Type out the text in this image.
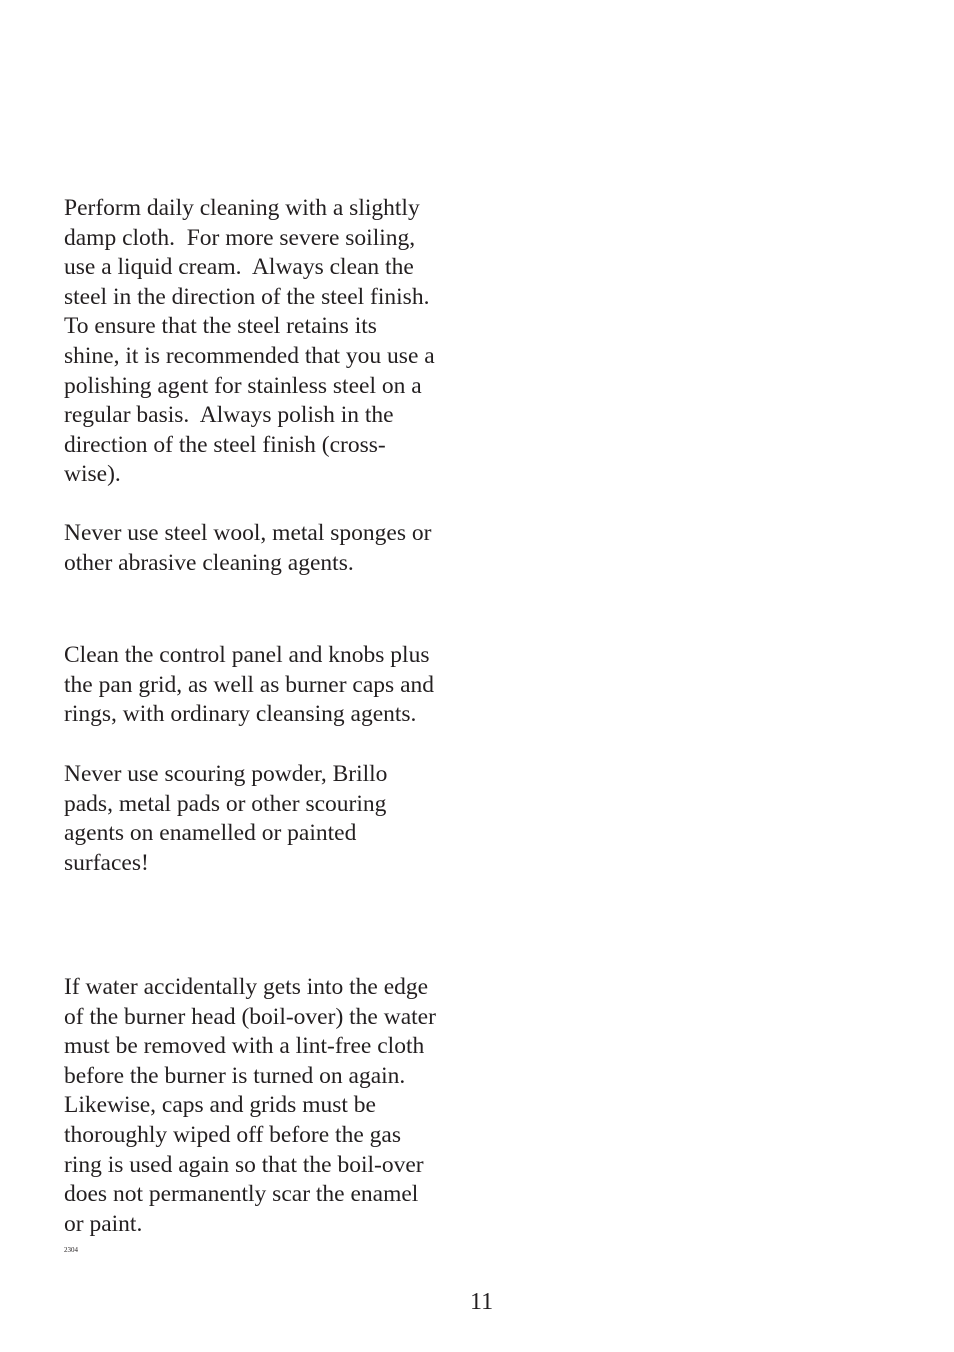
Perform daily cleaning with a slightly
damp cloth.  For more severe soiling,
use a liquid cream.  Always clean the
steel in the direction of the steel finish.
To ensure that the steel retains its
shine, it is recommended that you use a
polishing agent for stainless steel on a
regular basis.  Always polish in the
direction of the steel finish (cross-
wise).

Never use steel wool, metal sponges or
other abrasive cleaning agents.

Clean the control panel and knobs plus
the pan grid, as well as burner caps and
rings, with ordinary cleansing agents.

Never use scouring powder, Brillo
pads, metal pads or other scouring
agents on enamelled or painted
surfaces!

If water accidentally gets into the edge
of the burner head (boil-over) the water
must be removed with a lint-free cloth
before the burner is turned on again.
Likewise, caps and grids must be
thoroughly wiped off before the gas
ring is used again so that the boil-over
does not permanently scar the enamel
or paint.

2304
11
